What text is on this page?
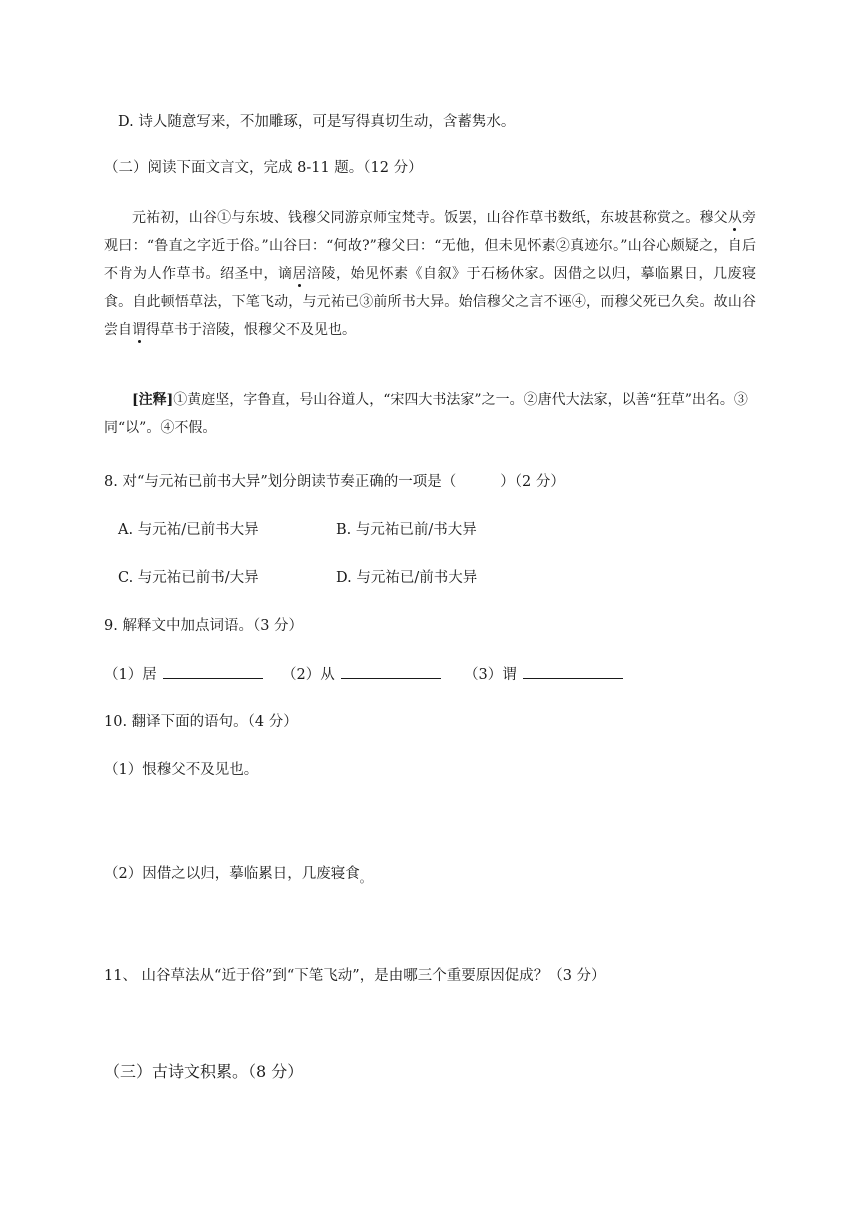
D. 诗人随意写来，不加雕琢，可是写得真切生动，含蓄隽水。
（二）阅读下面文言文，完成 8-11 题。（12 分）

元祐初，山谷①与东坡、钱穆父同游京师宝梵寺。饭罢，山谷作草书数纸，东坡甚称赏之。穆父从旁观曰：“鲁直之字近于俗。”山谷曰：“何故?”穆父曰：“无他，但未见怀素②真迹尔。”山谷心颇疑之，自后不肯为人作草书。绍圣中，谪居涪陵，始见怀素《自叙》于石杨休家。因借之以归，摹临累日，几废寝食。自此顿悟草法，下笔飞动，与元祐已③前所书大异。始信穆父之言不诬④，而穆父死已久矣。故山谷尝自谓得草书于涪陵，恨穆父不及见也。

[注释]①黄庭坚，字鲁直，号山谷道人，“宋四大书法家”之一。②唐代大法家，以善“狂草”出名。③同“以”。④不假。

8. 对“与元祐已前书大异”划分朗读节奏正确的一项是（	）（2 分）
A. 与元祐/已前书大异	B. 与元祐已前/书大异
C. 与元祐已前书/大异	D. 与元祐已/前书大异
9. 解释文中加点词语。（3 分）
（1）居	（2）从	（3）谓
10. 翻译下面的语句。（4 分）
（1）恨穆父不及见也。
（2）因借之以归，摹临累日，几废寝食$_。$
11、 山谷草法从“近于俗”到“下笔飞动”，是由哪三个重要原因促成？（3 分）
（三）古诗文积累。（8 分）
